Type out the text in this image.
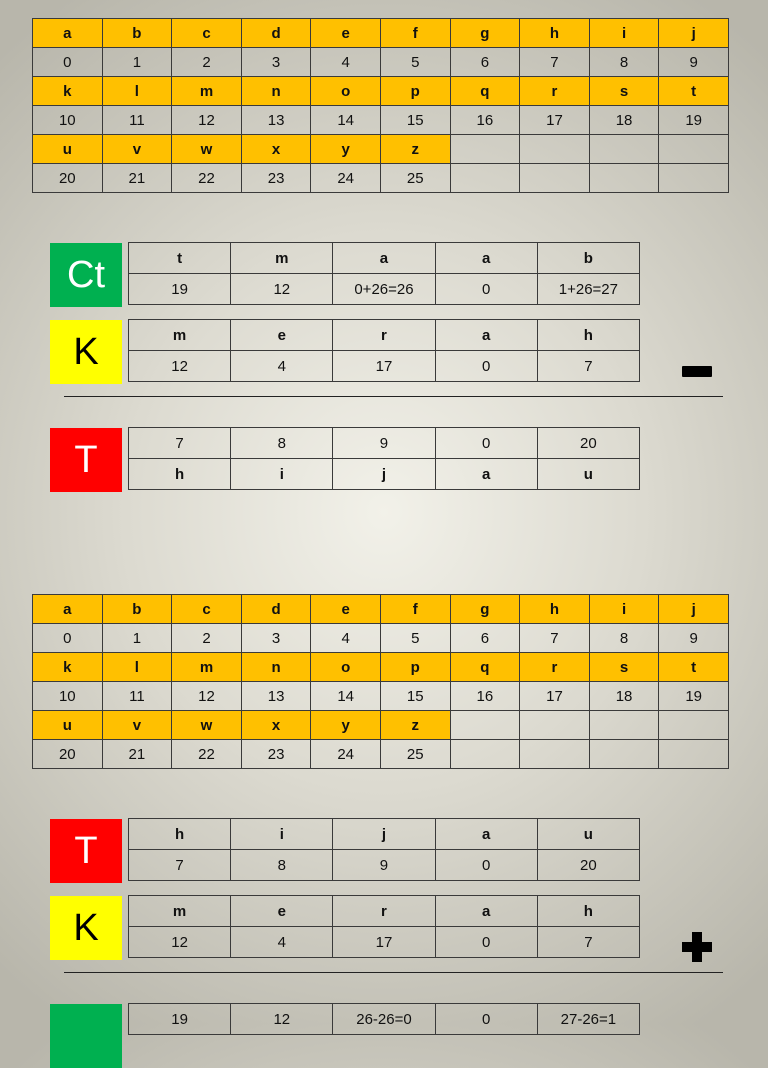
a	b	c	d	e	f	g	h	i	j
0	1	2	3	4	5	6	7	8	9
k	l	m	n	o	p	q	r	s	t
10	11	12	13	14	15	16	17	18	19
u	v	w	x	y	z				
20	21	22	23	24	25				
Ct	t	m	a	a	b
19	12	0+26=26	0	1+26=27
K	m	e	r	a	h
12	4	17	0	7
T	7	8	9	0	20
h	i	j	a	u
a	b	c	d	e	f	g	h	i	j
0	1	2	3	4	5	6	7	8	9
k	l	m	n	o	p	q	r	s	t
10	11	12	13	14	15	16	17	18	19
u	v	w	x	y	z				
20	21	22	23	24	25				
T	h	i	j	a	u
7	8	9	0	20
K	m	e	r	a	h
12	4	17	0	7
19	12	26-26=0	0	27-26=1
